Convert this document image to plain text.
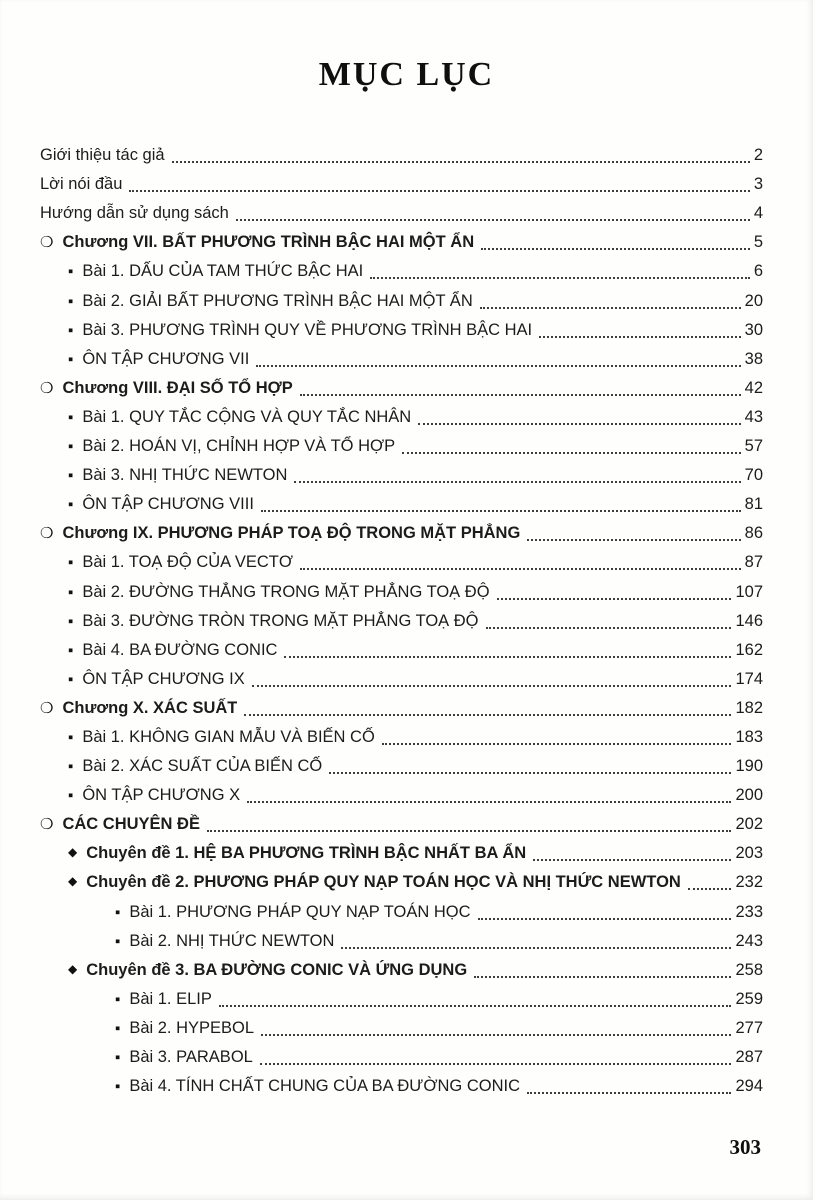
MỤC LỤC
Giới thiệu tác giả	2
Lời nói đầu	3
Hướng dẫn sử dụng sách	4
❍ Chương VII. BẤT PHƯƠNG TRÌNH BẬC HAI MỘT ẨN	5
▪ Bài 1. DẤU CỦA TAM THỨC BẬC HAI	6
▪ Bài 2. GIẢI BẤT PHƯƠNG TRÌNH BẬC HAI MỘT ẨN	20
▪ Bài 3. PHƯƠNG TRÌNH QUY VỀ PHƯƠNG TRÌNH BẬC HAI	30
▪ ÔN TẬP CHƯƠNG VII	38
❍ Chương VIII. ĐẠI SỐ TỔ HỢP	42
▪ Bài 1. QUY TẮC CỘNG VÀ QUY TẮC NHÂN	43
▪ Bài 2. HOÁN VỊ, CHỈNH HỢP VÀ TỔ HỢP	57
▪ Bài 3. NHỊ THỨC NEWTON	70
▪ ÔN TẬP CHƯƠNG VIII	81
❍ Chương IX. PHƯƠNG PHÁP TOẠ ĐỘ TRONG MẶT PHẲNG	86
▪ Bài 1. TOẠ ĐỘ CỦA VECTƠ	87
▪ Bài 2. ĐƯỜNG THẲNG TRONG MẶT PHẲNG TOẠ ĐỘ	107
▪ Bài 3. ĐƯỜNG TRÒN TRONG MẶT PHẲNG TOẠ ĐỘ	146
▪ Bài 4. BA ĐƯỜNG CONIC	162
▪ ÔN TẬP CHƯƠNG IX	174
❍ Chương X. XÁC SUẤT	182
▪ Bài 1. KHÔNG GIAN MẪU VÀ BIẾN CỐ	183
▪ Bài 2. XÁC SUẤT CỦA BIẾN CỐ	190
▪ ÔN TẬP CHƯƠNG X	200
❍ CÁC CHUYÊN ĐỀ	202
◆ Chuyên đề 1. HỆ BA PHƯƠNG TRÌNH BẬC NHẤT BA ẨN	203
◆ Chuyên đề 2. PHƯƠNG PHÁP QUY NẠP TOÁN HỌC VÀ NHỊ THỨC NEWTON	232
▪ Bài 1. PHƯƠNG PHÁP QUY NẠP TOÁN HỌC	233
▪ Bài 2. NHỊ THỨC NEWTON	243
◆ Chuyên đề 3. BA ĐƯỜNG CONIC VÀ ỨNG DỤNG	258
▪ Bài 1. ELIP	259
▪ Bài 2. HYPEBOL	277
▪ Bài 3. PARABOL	287
▪ Bài 4. TÍNH CHẤT CHUNG CỦA BA ĐƯỜNG CONIC	294
303
